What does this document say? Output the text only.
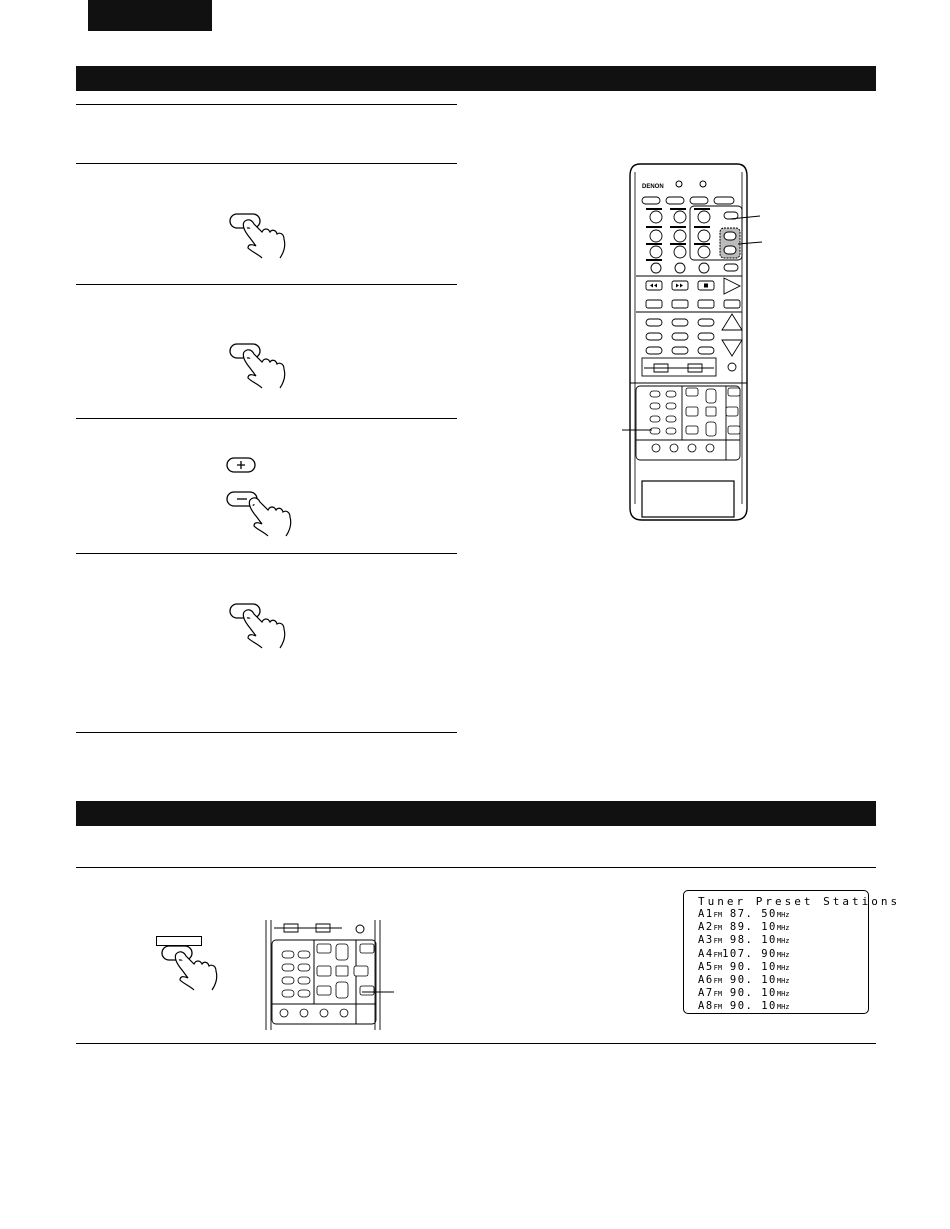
DENON
Tuner Preset Stations
A1FM 87. 50MHz
A2FM 89. 10MHz
A3FM 98. 10MHz
A4FM107. 90MHz
A5FM 90. 10MHz
A6FM 90. 10MHz
A7FM 90. 10MHz
A8FM 90. 10MHz
